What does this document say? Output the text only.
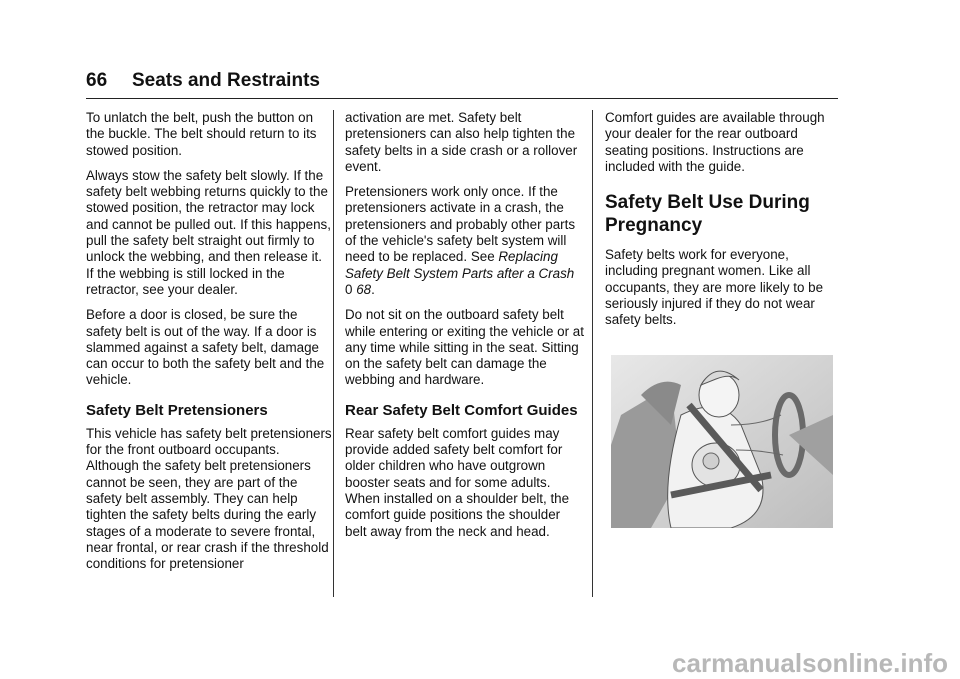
66 Seats and Restraints

To unlatch the belt, push the button on the buckle. The belt should return to its stowed position.

Always stow the safety belt slowly. If the safety belt webbing returns quickly to the stowed position, the retractor may lock and cannot be pulled out. If this happens, pull the safety belt straight out firmly to unlock the webbing, and then release it. If the webbing is still locked in the retractor, see your dealer.

Before a door is closed, be sure the safety belt is out of the way. If a door is slammed against a safety belt, damage can occur to both the safety belt and the vehicle.

Safety Belt Pretensioners

This vehicle has safety belt pretensioners for the front outboard occupants. Although the safety belt pretensioners cannot be seen, they are part of the safety belt assembly. They can help tighten the safety belts during the early stages of a moderate to severe frontal, near frontal, or rear crash if the threshold conditions for pretensioner

activation are met. Safety belt pretensioners can also help tighten the safety belts in a side crash or a rollover event.

Pretensioners work only once. If the pretensioners activate in a crash, the pretensioners and probably other parts of the vehicle's safety belt system will need to be replaced. See Replacing Safety Belt System Parts after a Crash 0 68.

Do not sit on the outboard safety belt while entering or exiting the vehicle or at any time while sitting in the seat. Sitting on the safety belt can damage the webbing and hardware.

Rear Safety Belt Comfort Guides

Rear safety belt comfort guides may provide added safety belt comfort for older children who have outgrown booster seats and for some adults. When installed on a shoulder belt, the comfort guide positions the shoulder belt away from the neck and head.

Comfort guides are available through your dealer for the rear outboard seating positions. Instructions are included with the guide.

Safety Belt Use During Pregnancy

Safety belts work for everyone, including pregnant women. Like all occupants, they are more likely to be seriously injured if they do not wear safety belts.

carmanualsonline.info
